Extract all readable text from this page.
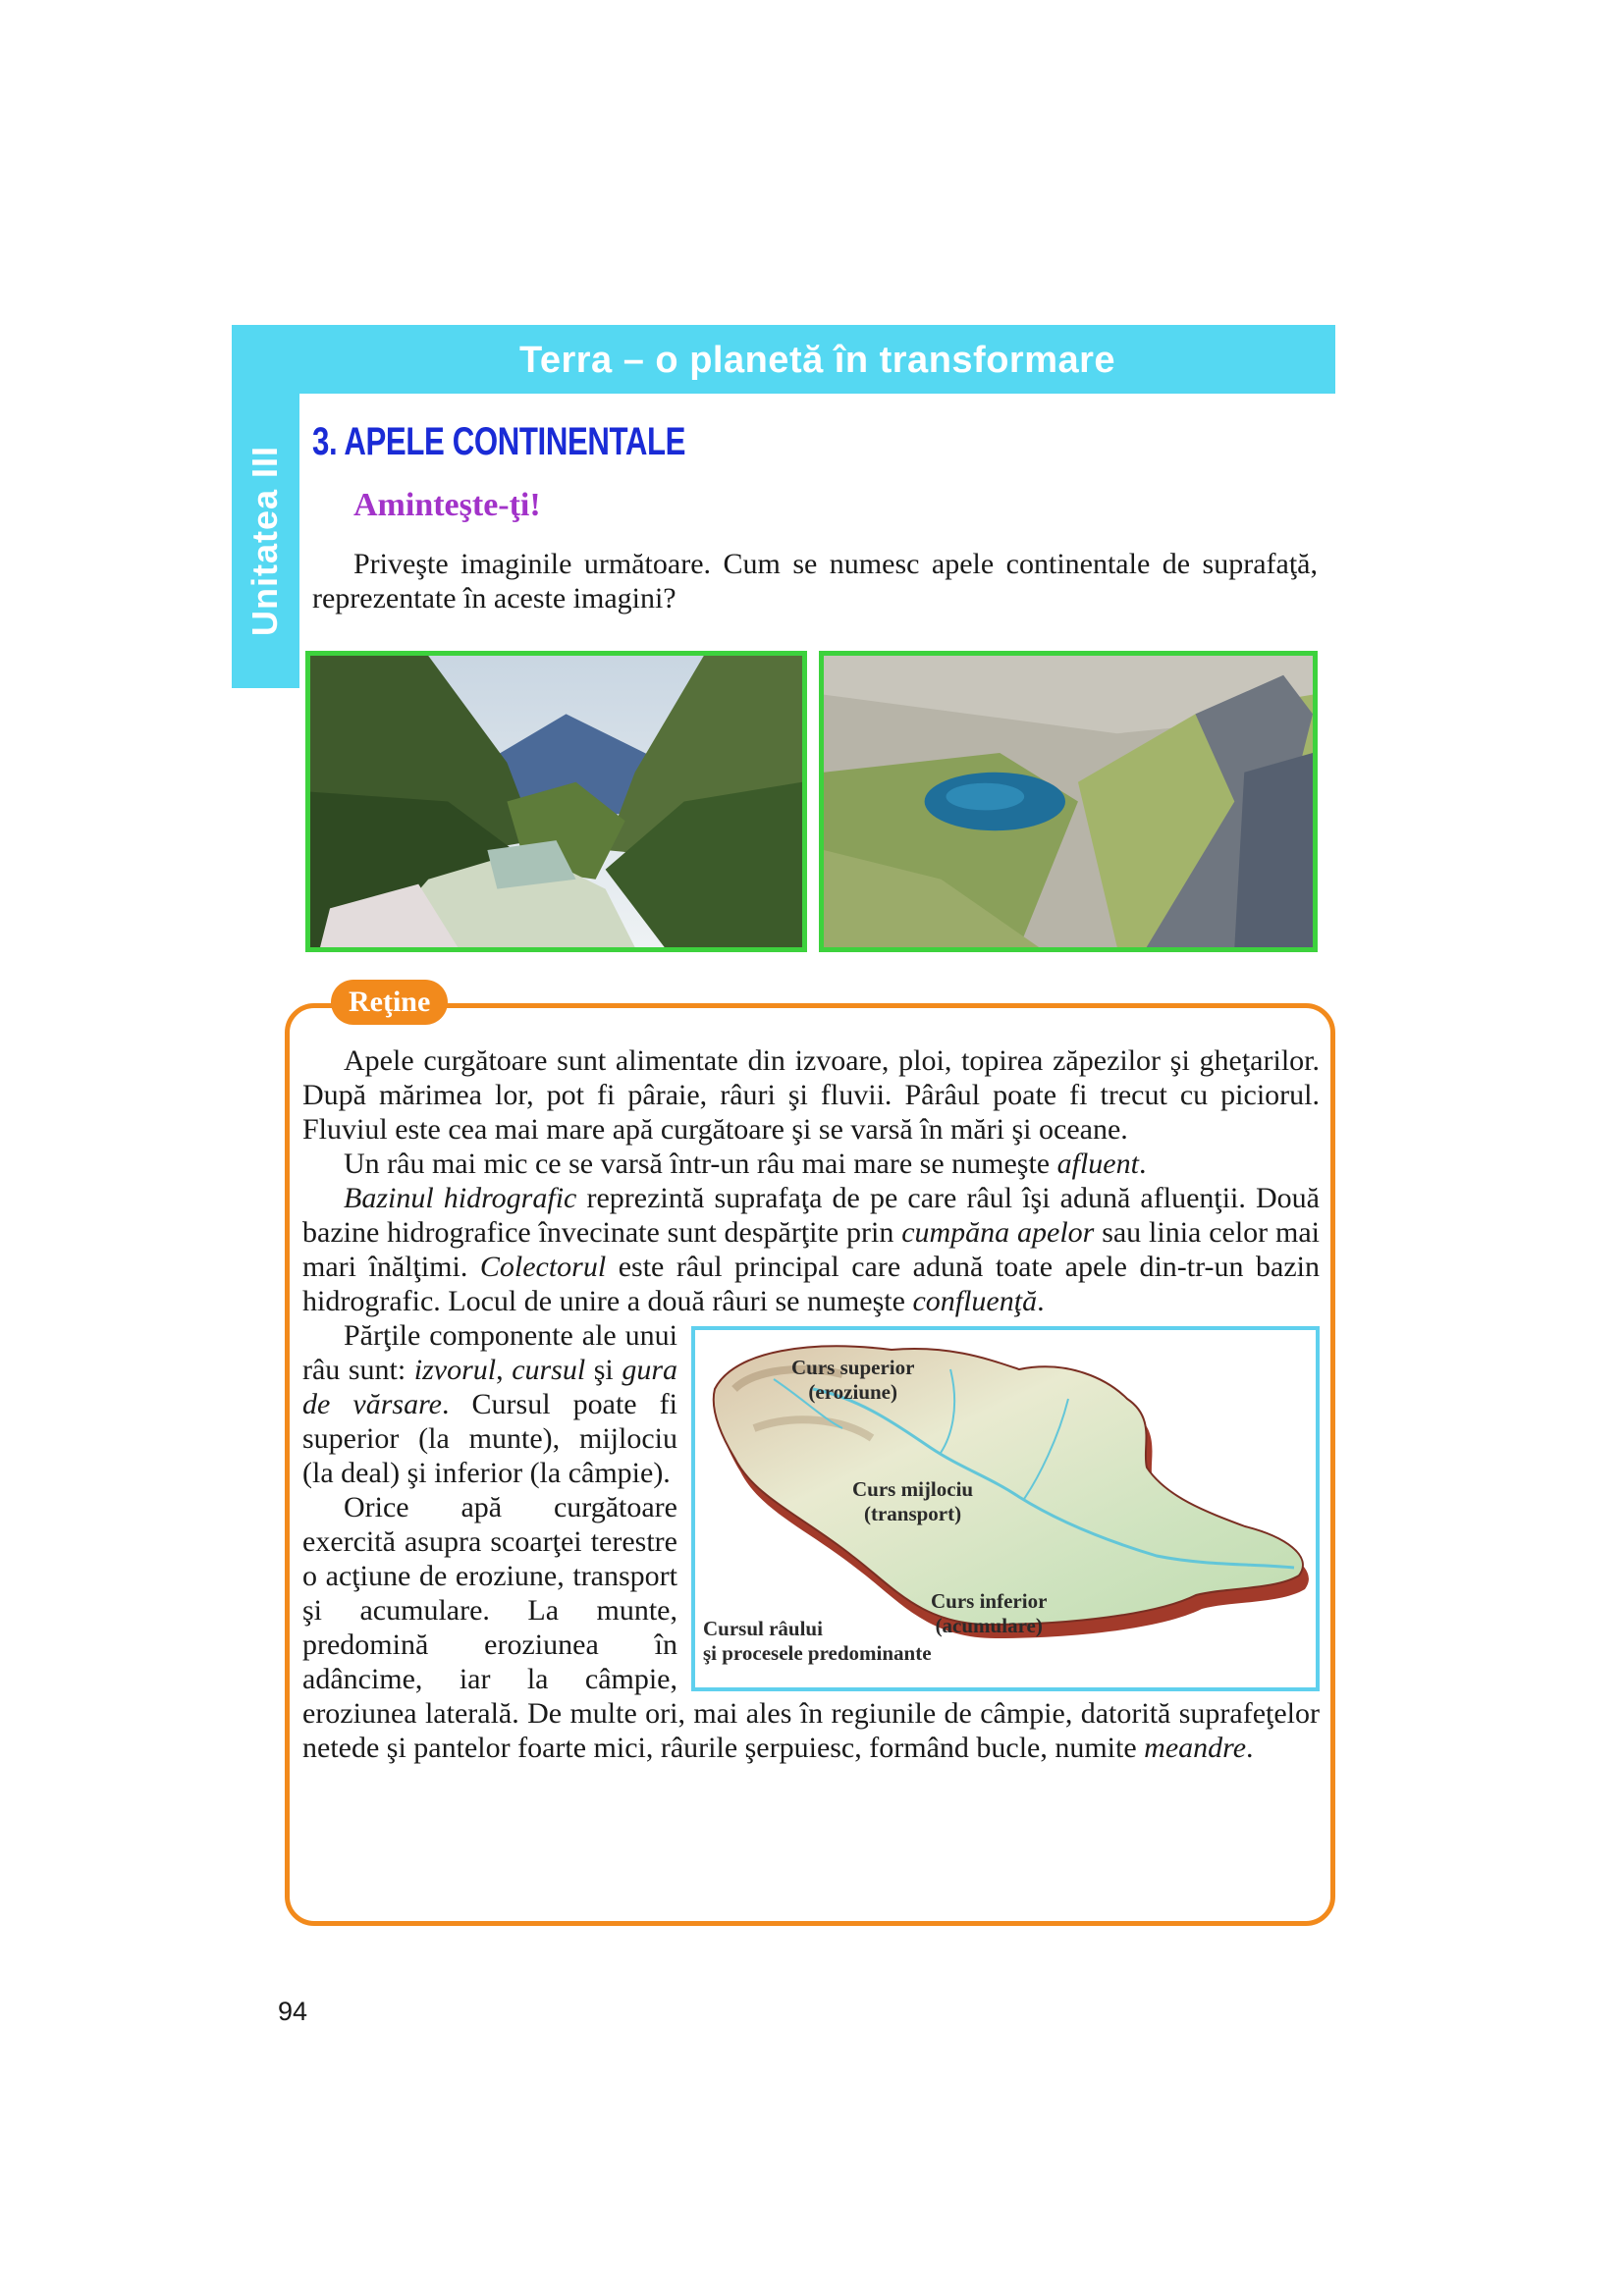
Terra – o planetă în transformare
Unitatea III
3. APELE CONTINENTALE
Aminteşte-ţi!
Priveşte imaginile următoare. Cum se numesc apele continentale de suprafaţă, reprezentate în aceste imagini?
Reţine

Apele curgătoare sunt alimentate din izvoare, ploi, topirea zăpezilor şi gheţarilor. După mărimea lor, pot fi pâraie, râuri şi fluvii. Pârâul poate fi trecut cu piciorul. Fluviul este cea mai mare apă curgătoare şi se varsă în mări şi oceane.

Un râu mai mic ce se varsă într-un râu mai mare se numeşte afluent.

Bazinul hidrografic reprezintă suprafaţa de pe care râul îşi adună afluenţii. Două bazine hidrografice învecinate sunt despărţite prin cumpăna apelor sau linia celor mai mari înălţimi. Colectorul este râul principal care adună toate apele din-tr-un bazin hidrografic. Locul de unire a două râuri se numeşte confluenţă.

Curs superior
(eroziune)
Curs mijlociu
(transport)
Curs inferior
(acumulare)
Cursul râului
şi procesele predominante

Părţile componente ale unui râu sunt: izvorul, cursul şi gura de vărsare. Cursul poate fi superior (la munte), mijlociu (la deal) şi inferior (la câmpie).

Orice apă curgătoare exercită asupra scoarţei terestre o acţiune de eroziune, transport şi acumulare. La munte, predomină eroziunea în adâncime, iar la câmpie, eroziunea laterală. De multe ori, mai ales în regiunile de câmpie, datorită suprafeţelor netede şi pantelor foarte mici, râurile şerpuiesc, formând bucle, numite meandre.

94
